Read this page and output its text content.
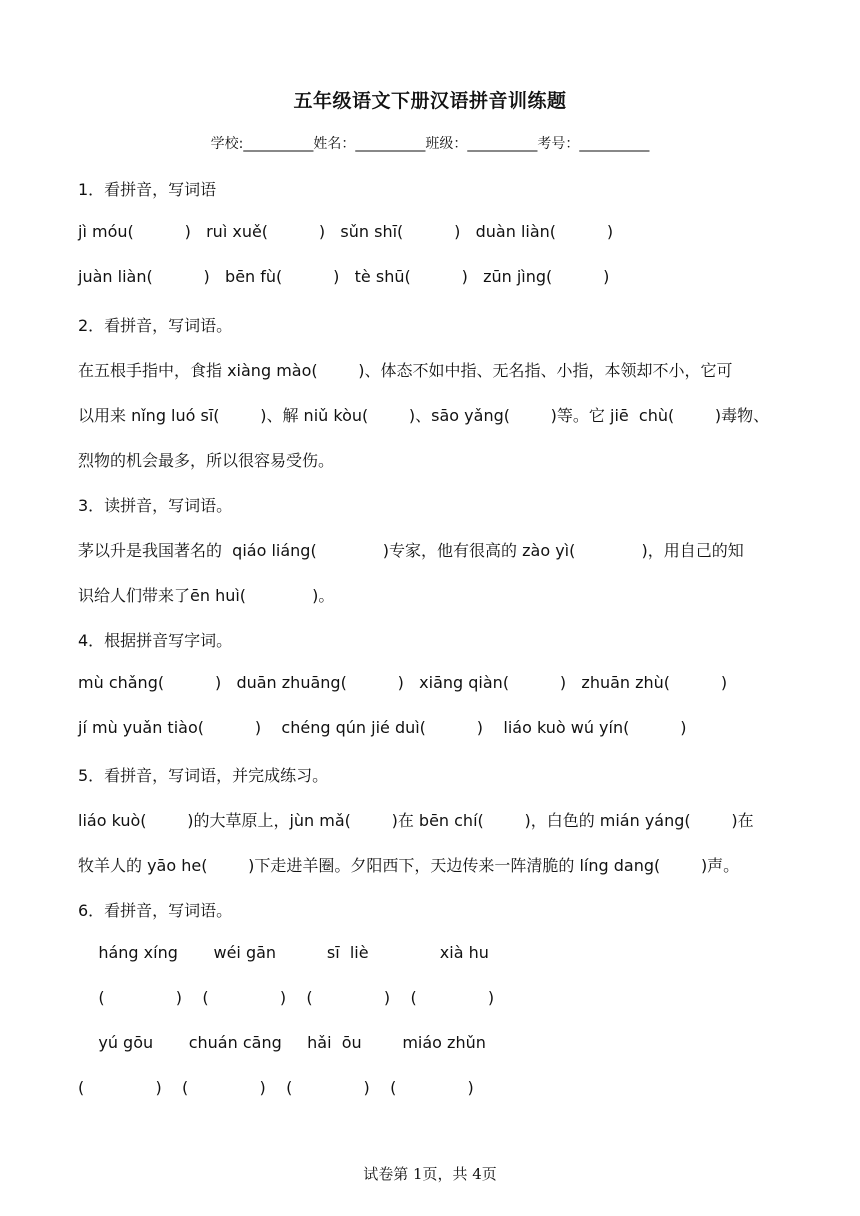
五年级语文下册汉语拼音训练题
学校:__________姓名：__________班级：__________考号：__________
1．看拼音，写词语
jì móu(          )   ruì xuě(          )   sǔn shī(          )   duàn liàn(          )
juàn liàn(          )   bēn fù(          )   tè shū(          )   zūn jìng(          )
2．看拼音，写词语。
在五根手指中，食指 xiàng mào(        )、体态不如中指、无名指、小指，本领却不小，它可
以用来 nǐng luó sī(        )、解 niǔ kòu(        )、sāo yǎng(        )等。它 jiē  chù(        )毒物、
烈物的机会最多，所以很容易受伤。
3．读拼音，写词语。
茅以升是我国著名的  qiáo liáng(             )专家，他有很高的 zào yì(             )，用自己的知
识给人们带来了ēn huì(             )。
4．根据拼音写字词。
mù chǎng(          )   duān zhuāng(          )   xiāng qiàn(          )   zhuān zhù(          )
jí mù yuǎn tiào(          )    chéng qún jié duì(          )    liáo kuò wú yín(          )
5．看拼音，写词语，并完成练习。
liáo kuò(        )的大草原上，jùn mǎ(        )在 bēn chí(        )，白色的 mián yáng(        )在
牧羊人的 yāo he(        )下走进羊圈。夕阳西下，天边传来一阵清脆的 líng dang(        )声。
6．看拼音，写词语。
háng xíng       wéi gān          sī  liè              xià hu
(              )    (              )    (              )    (              )
yú gōu       chuán cāng     hǎi  ōu        miáo zhǔn
(              )    (              )    (              )    (              )
试卷第 1页，共 4页
